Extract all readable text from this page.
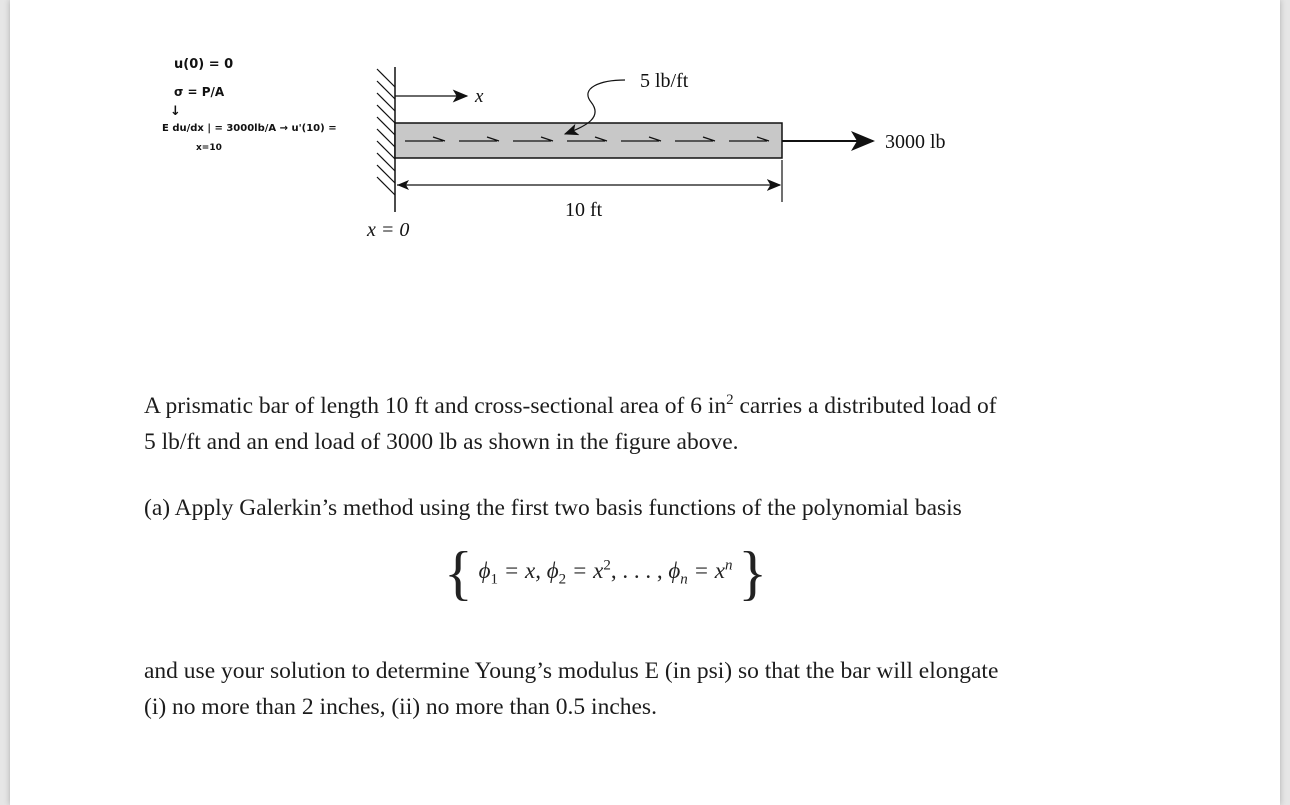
u(0) = 0
σ = P/A
↓
E du/dx | = 3000lb/A → u'(10) =
x=10
x
5 lb/ft
3000 lb
10 ft
x = 0
A prismatic bar of length 10 ft and cross-sectional area of 6 $in^2$ carries a distributed load of
5 lb/ft and an end load of 3000 lb as shown in the figure above.
(a) Apply Galerkin’s method using the first two basis functions of the polynomial basis
{ $\phi_1 = x$, $\phi_2 = x^2$, . . . , $\phi_n = x^n$ }
and use your solution to determine Young’s modulus E (in psi) so that the bar will elongate
(i) no more than 2 inches, (ii) no more than 0.5 inches.
